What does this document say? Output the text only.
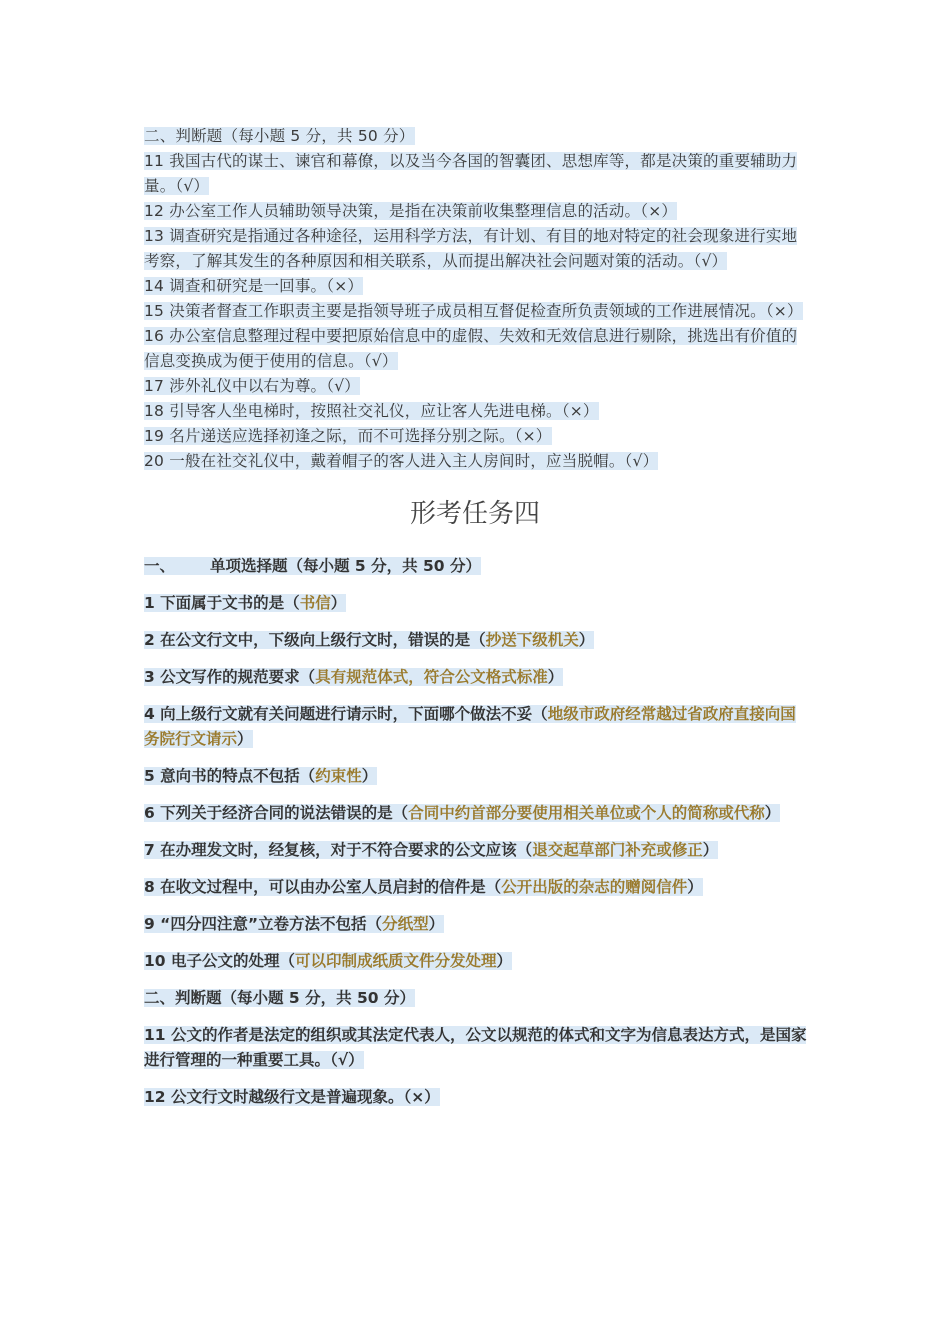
二、判断题（每小题 5 分，共 50 分）

11 我国古代的谋士、谏官和幕僚，以及当今各国的智囊团、思想库等，都是决策的重要辅助力量。（√）

12 办公室工作人员辅助领导决策，是指在决策前收集整理信息的活动。（×）

13 调查研究是指通过各种途径，运用科学方法，有计划、有目的地对特定的社会现象进行实地考察，了解其发生的各种原因和相关联系，从而提出解决社会问题对策的活动。（√）

14 调查和研究是一回事。（×）

15 决策者督查工作职责主要是指领导班子成员相互督促检查所负责领域的工作进展情况。（×）

16 办公室信息整理过程中要把原始信息中的虚假、失效和无效信息进行剔除，挑选出有价值的信息变换成为便于使用的信息。（√）

17 涉外礼仪中以右为尊。（√）

18 引导客人坐电梯时，按照社交礼仪，应让客人先进电梯。（×）

19 名片递送应选择初逢之际，而不可选择分别之际。（×）

20 一般在社交礼仪中，戴着帽子的客人进入主人房间时，应当脱帽。（√）

形考任务四

一、 单项选择题（每小题 5 分，共 50 分）

1 下面属于文书的是（书信）

2 在公文行文中，下级向上级行文时，错误的是（抄送下级机关）

3 公文写作的规范要求（具有规范体式，符合公文格式标准）

4 向上级行文就有关问题进行请示时，下面哪个做法不妥（地级市政府经常越过省政府直接向国务院行文请示）

5 意向书的特点不包括（约束性）

6 下列关于经济合同的说法错误的是（合同中约首部分要使用相关单位或个人的简称或代称）

7 在办理发文时，经复核，对于不符合要求的公文应该（退交起草部门补充或修正）

8 在收文过程中，可以由办公室人员启封的信件是（公开出版的杂志的赠阅信件）

9 “四分四注意”立卷方法不包括（分纸型）

10 电子公文的处理（可以印制成纸质文件分发处理）

二、判断题（每小题 5 分，共 50 分）

11 公文的作者是法定的组织或其法定代表人，公文以规范的体式和文字为信息表达方式，是国家进行管理的一种重要工具。（√）

12 公文行文时越级行文是普遍现象。（×）
